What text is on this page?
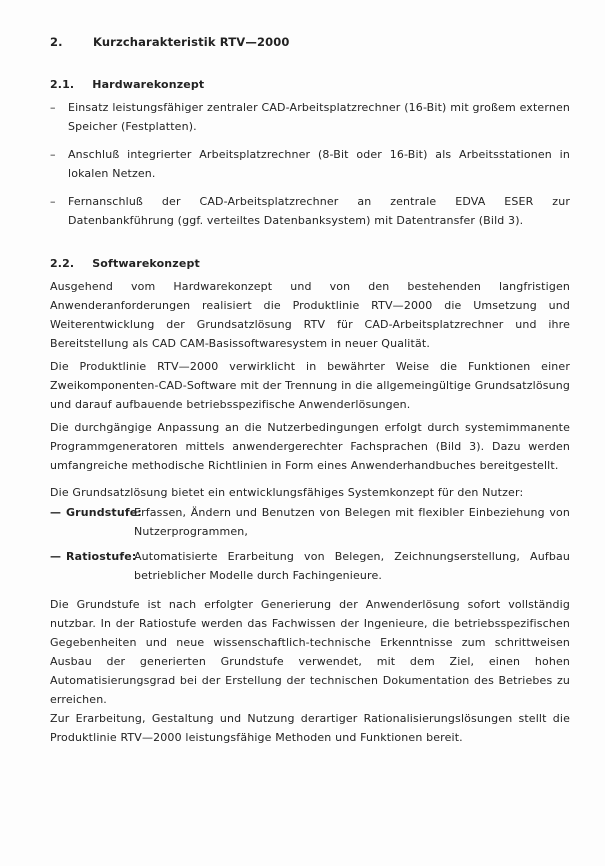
2.	Kurzcharakteristik RTV—2000
2.1. Hardwarekonzept
–	Einsatz leistungsfähiger zentraler CAD-Arbeitsplatzrechner (16-Bit) mit großem externen Speicher (Festplatten).
–	Anschluß integrierter Arbeitsplatzrechner (8-Bit oder 16-Bit) als Arbeitsstationen in lokalen Netzen.
–	Fernanschluß der CAD-Arbeitsplatzrechner an zentrale EDVA ESER zur Datenbankführung (ggf. verteiltes Datenbanksystem) mit Datentransfer (Bild 3).
2.2. Softwarekonzept

Ausgehend vom Hardwarekonzept und von den bestehenden langfristigen Anwenderanforderungen realisiert die Produktlinie RTV—2000 die Umsetzung und Weiterentwicklung der Grundsatzlösung RTV für CAD-Arbeitsplatzrechner und ihre Bereitstellung als CAD CAM-Basissoftwaresystem in neuer Qualität.

Die Produktlinie RTV—2000 verwirklicht in bewährter Weise die Funktionen einer Zweikomponenten-CAD-Software mit der Trennung in die allgemeingültige Grundsatzlösung und darauf aufbauende betriebsspezifische Anwenderlösungen.

Die durchgängige Anpassung an die Nutzerbedingungen erfolgt durch systemimmanente Programmgeneratoren mittels anwendergerechter Fachsprachen (Bild 3). Dazu werden umfangreiche methodische Richtlinien in Form eines Anwenderhandbuches bereitgestellt.

Die Grundsatzlösung bietet ein entwicklungsfähiges Systemkonzept für den Nutzer:

— Grundstufe:
Erfassen, Ändern und Benutzen von Belegen mit flexibler Einbeziehung von Nutzerprogrammen,
— Ratiostufe:
Automatisierte Erarbeitung von Belegen, Zeichnungserstellung, Aufbau betrieblicher Modelle durch Fachingenieure.

Die Grundstufe ist nach erfolgter Generierung der Anwenderlösung sofort vollständig nutzbar. In der Ratiostufe werden das Fachwissen der Ingenieure, die betriebsspezifischen Gegebenheiten und neue wissenschaftlich-technische Erkenntnisse zum schrittweisen Ausbau der generierten Grundstufe verwendet, mit dem Ziel, einen hohen Automatisierungsgrad bei der Erstellung der technischen Dokumentation des Betriebes zu erreichen.

Zur Erarbeitung, Gestaltung und Nutzung derartiger Rationalisierungslösungen stellt die Produktlinie RTV—2000 leistungsfähige Methoden und Funktionen bereit.
